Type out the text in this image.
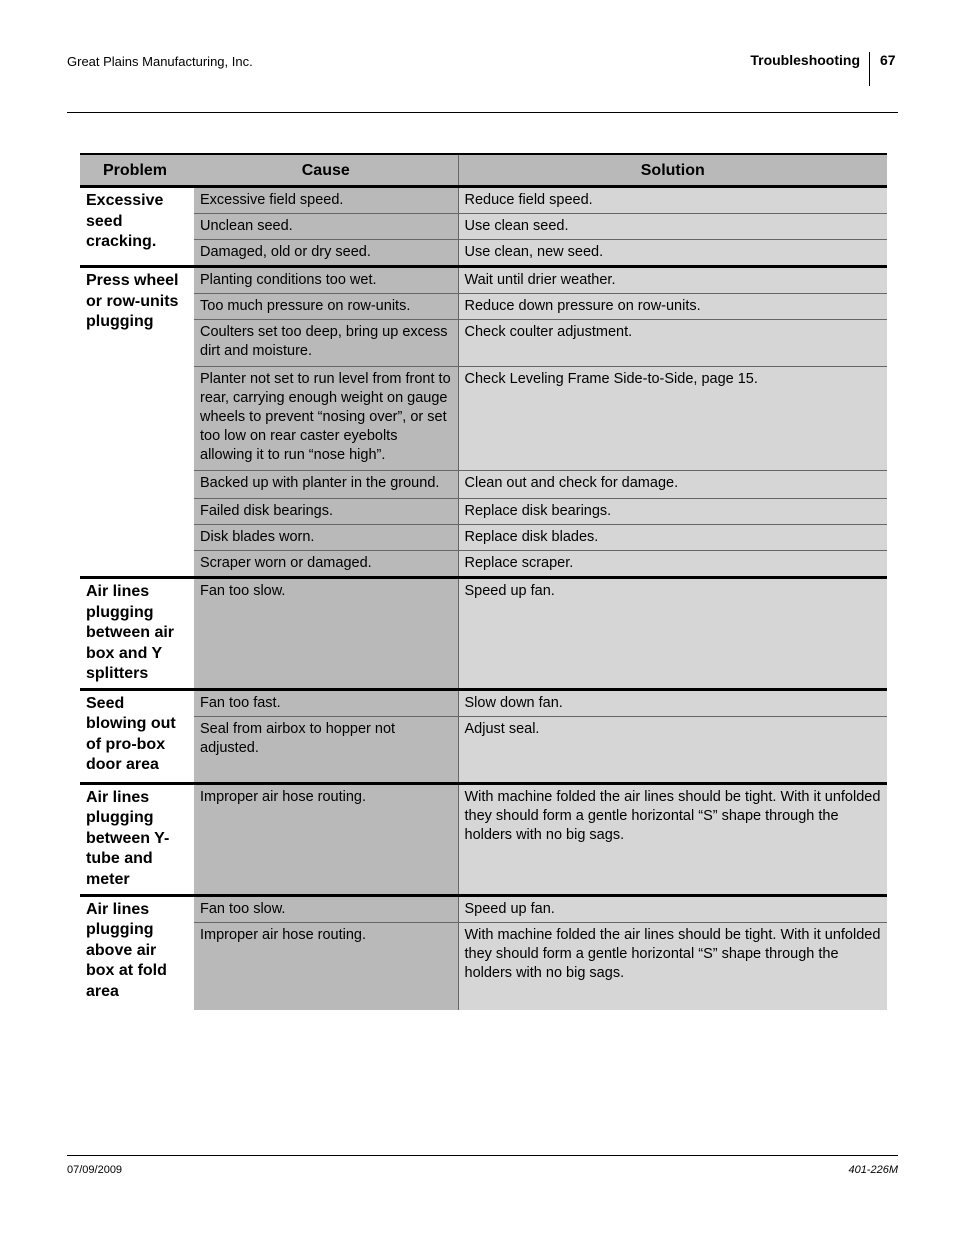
Great Plains Manufacturing, Inc.	Troubleshooting 67
Problem	Cause	Solution
Excessive seed cracking.	Excessive field speed.	Reduce field speed.
	Unclean seed.	Use clean seed.
	Damaged, old or dry seed.	Use clean, new seed.
Press wheel or row-units plugging	Planting conditions too wet.	Wait until drier weather.
	Too much pressure on row-units.	Reduce down pressure on row-units.
	Coulters set too deep, bring up excess dirt and moisture.	Check coulter adjustment.
	Planter not set to run level from front to rear, carrying enough weight on gauge wheels to prevent “nosing over”, or set too low on rear caster eyebolts allowing it to run “nose high”.	Check Leveling Frame Side-to-Side, page 15.
	Backed up with planter in the ground.	Clean out and check for damage.
	Failed disk bearings.	Replace disk bearings.
	Disk blades worn.	Replace disk blades.
	Scraper worn or damaged.	Replace scraper.
Air lines plugging between air box and Y splitters	Fan too slow.	Speed up fan.
Seed blowing out of pro-box door area	Fan too fast.	Slow down fan.
	Seal from airbox to hopper not adjusted.	Adjust seal.
Air lines plugging between Y-tube and meter	Improper air hose routing.	With machine folded the air lines should be tight. With it unfolded they should form a gentle horizontal “S” shape through the holders with no big sags.
Air lines plugging above air box at fold area	Fan too slow.	Speed up fan.
	Improper air hose routing.	With machine folded the air lines should be tight. With it unfolded they should form a gentle horizontal “S” shape through the holders with no big sags.
07/09/2009	401-226M
